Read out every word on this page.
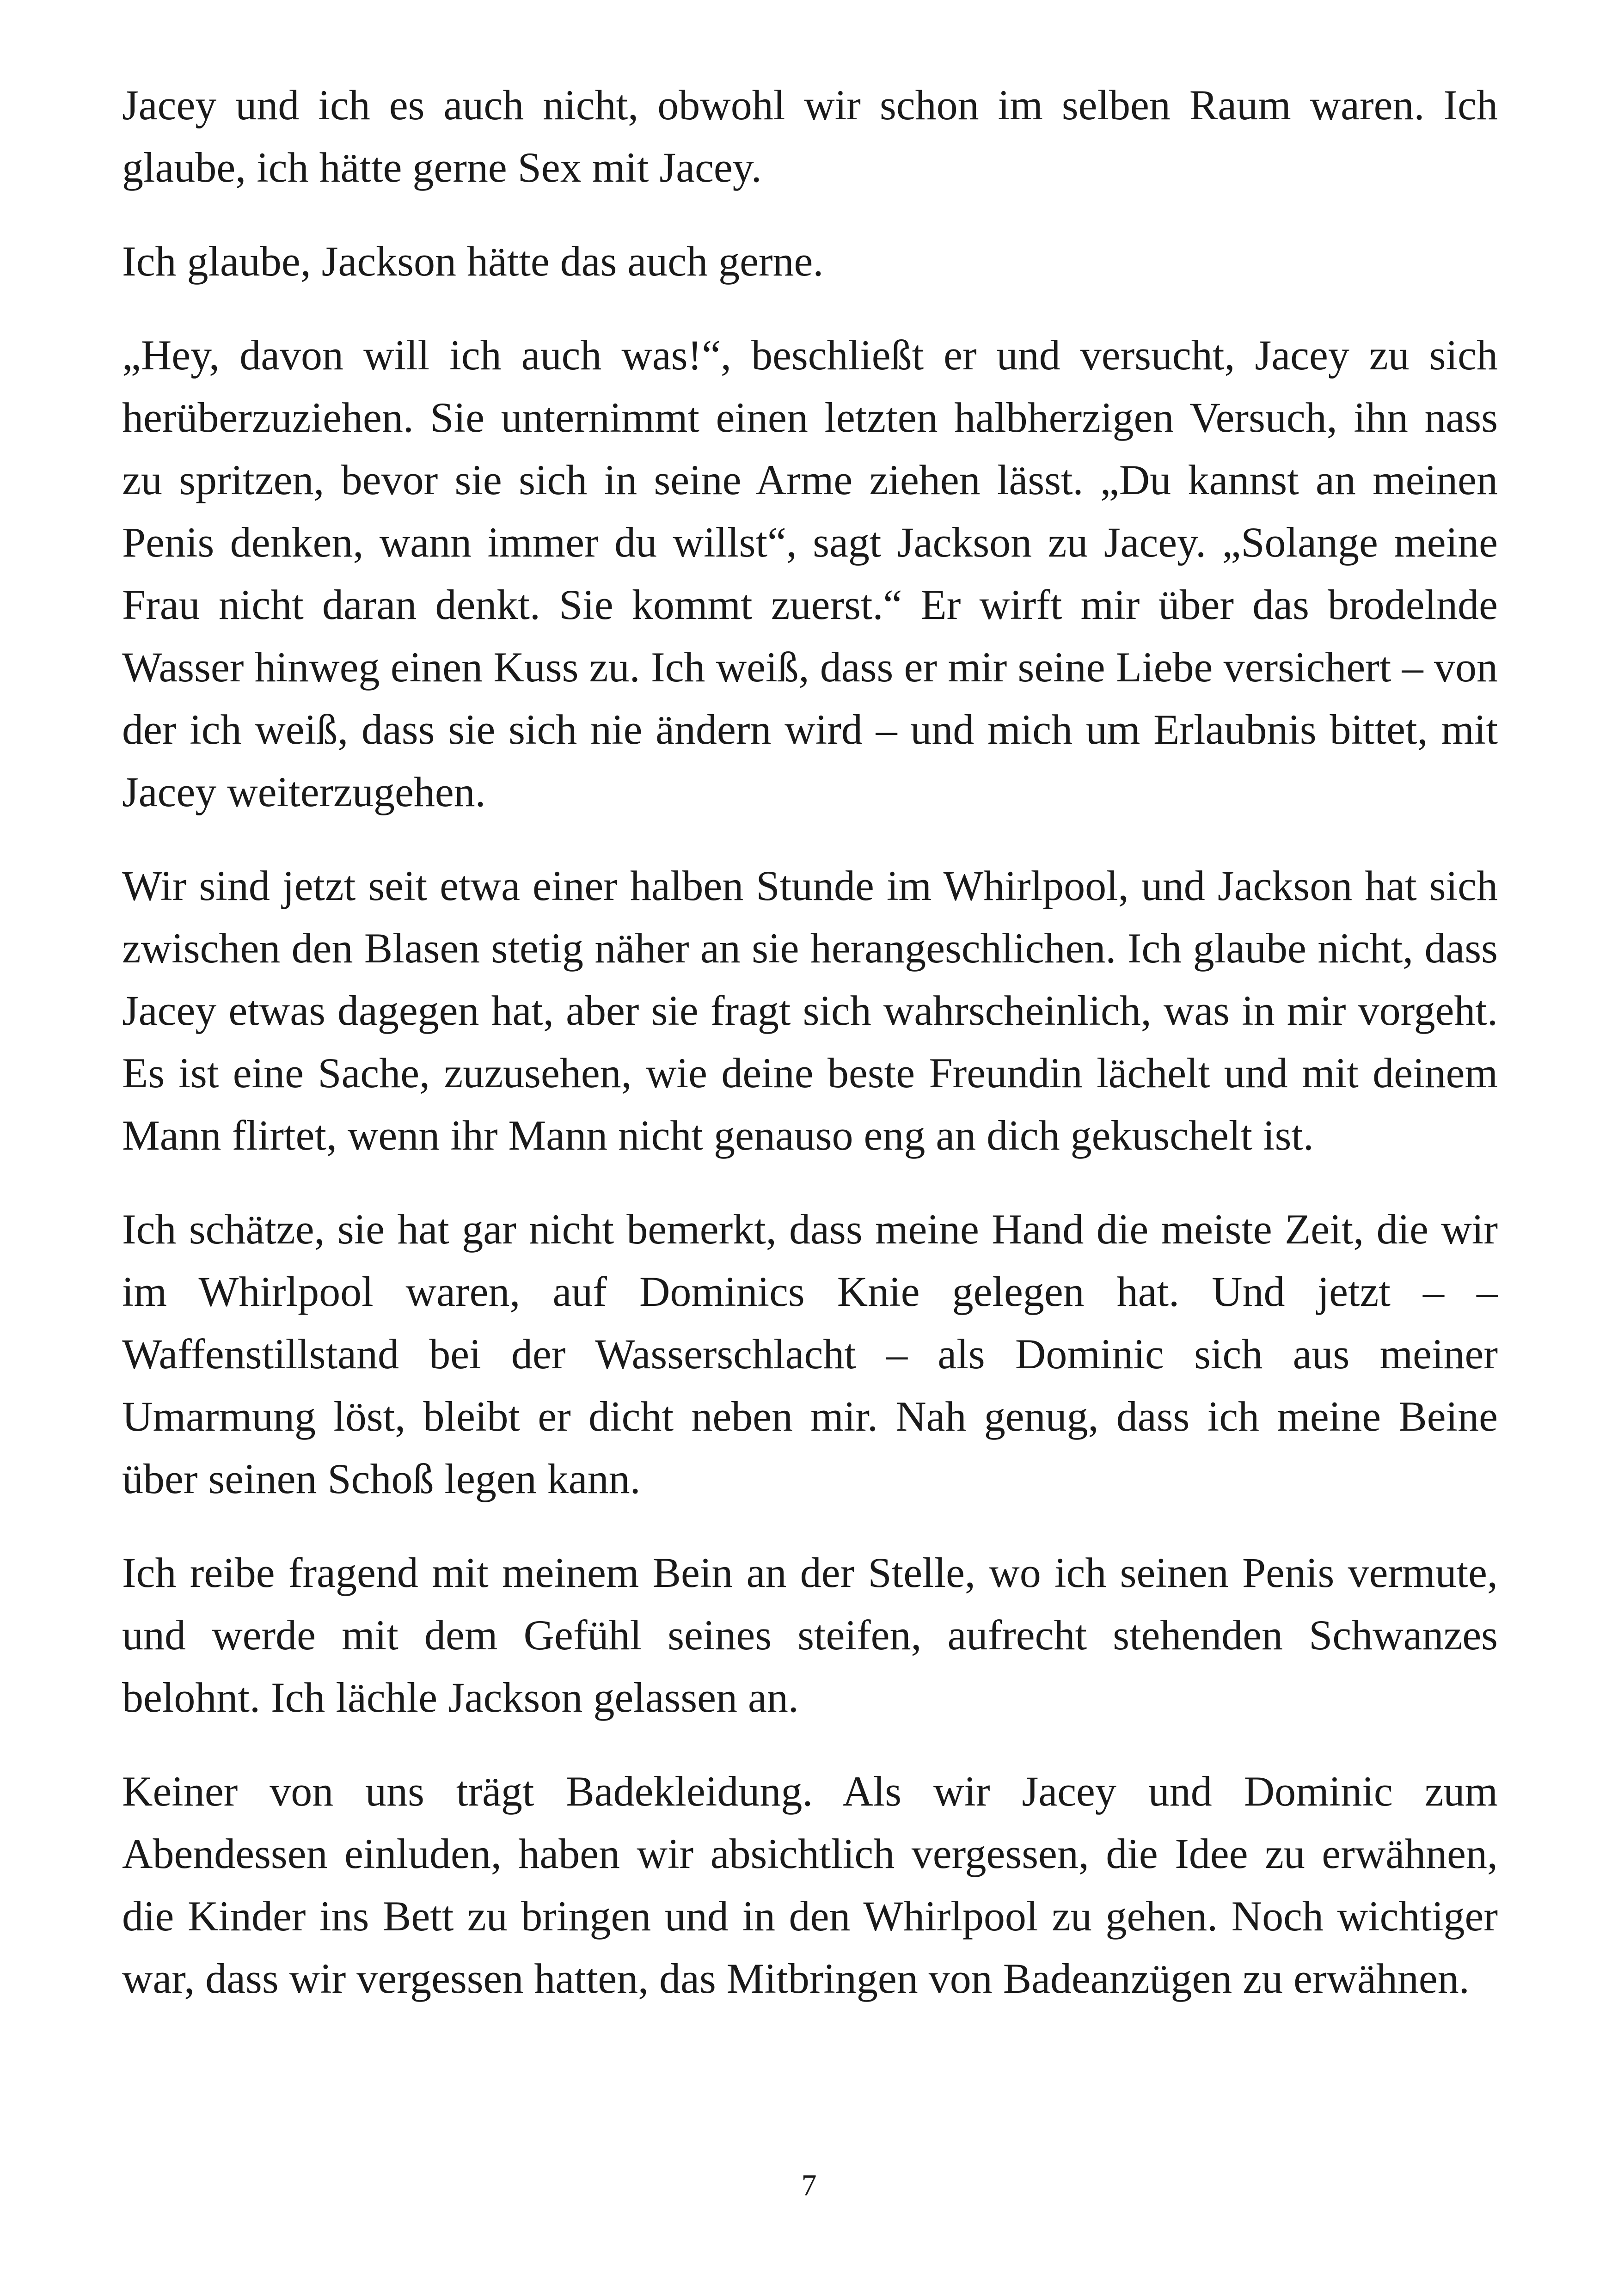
Jacey und ich es auch nicht, obwohl wir schon im selben Raum waren. Ich glaube, ich hätte gerne Sex mit Jacey.

Ich glaube, Jackson hätte das auch gerne.

„Hey, davon will ich auch was!“, beschließt er und versucht, Jacey zu sich herüberzuziehen. Sie unternimmt einen letzten halbherzigen Versuch, ihn nass zu spritzen, bevor sie sich in seine Arme ziehen lässt. „Du kannst an meinen Penis denken, wann immer du willst“, sagt Jackson zu Jacey. „Solange meine Frau nicht daran denkt. Sie kommt zuerst.“ Er wirft mir über das brodelnde Wasser hinweg einen Kuss zu. Ich weiß, dass er mir seine Liebe versichert – von der ich weiß, dass sie sich nie ändern wird – und mich um Erlaubnis bittet, mit Jacey weiterzugehen.

Wir sind jetzt seit etwa einer halben Stunde im Whirlpool, und Jackson hat sich zwischen den Blasen stetig näher an sie herangeschlichen. Ich glaube nicht, dass Jacey etwas dagegen hat, aber sie fragt sich wahrscheinlich, was in mir vorgeht. Es ist eine Sache, zuzusehen, wie deine beste Freundin lächelt und mit deinem Mann flirtet, wenn ihr Mann nicht genauso eng an dich gekuschelt ist.

Ich schätze, sie hat gar nicht bemerkt, dass meine Hand die meiste Zeit, die wir im Whirlpool waren, auf Dominics Knie gelegen hat. Und jetzt – – Waffenstillstand bei der Wasserschlacht – als Dominic sich aus meiner Umarmung löst, bleibt er dicht neben mir. Nah genug, dass ich meine Beine über seinen Schoß legen kann.

Ich reibe fragend mit meinem Bein an der Stelle, wo ich seinen Penis vermute, und werde mit dem Gefühl seines steifen, aufrecht stehenden Schwanzes belohnt. Ich lächle Jackson gelassen an.

Keiner von uns trägt Badekleidung. Als wir Jacey und Dominic zum Abendessen einluden, haben wir absichtlich vergessen, die Idee zu erwähnen, die Kinder ins Bett zu bringen und in den Whirlpool zu gehen. Noch wichtiger war, dass wir vergessen hatten, das Mitbringen von Badeanzügen zu erwähnen.

7
